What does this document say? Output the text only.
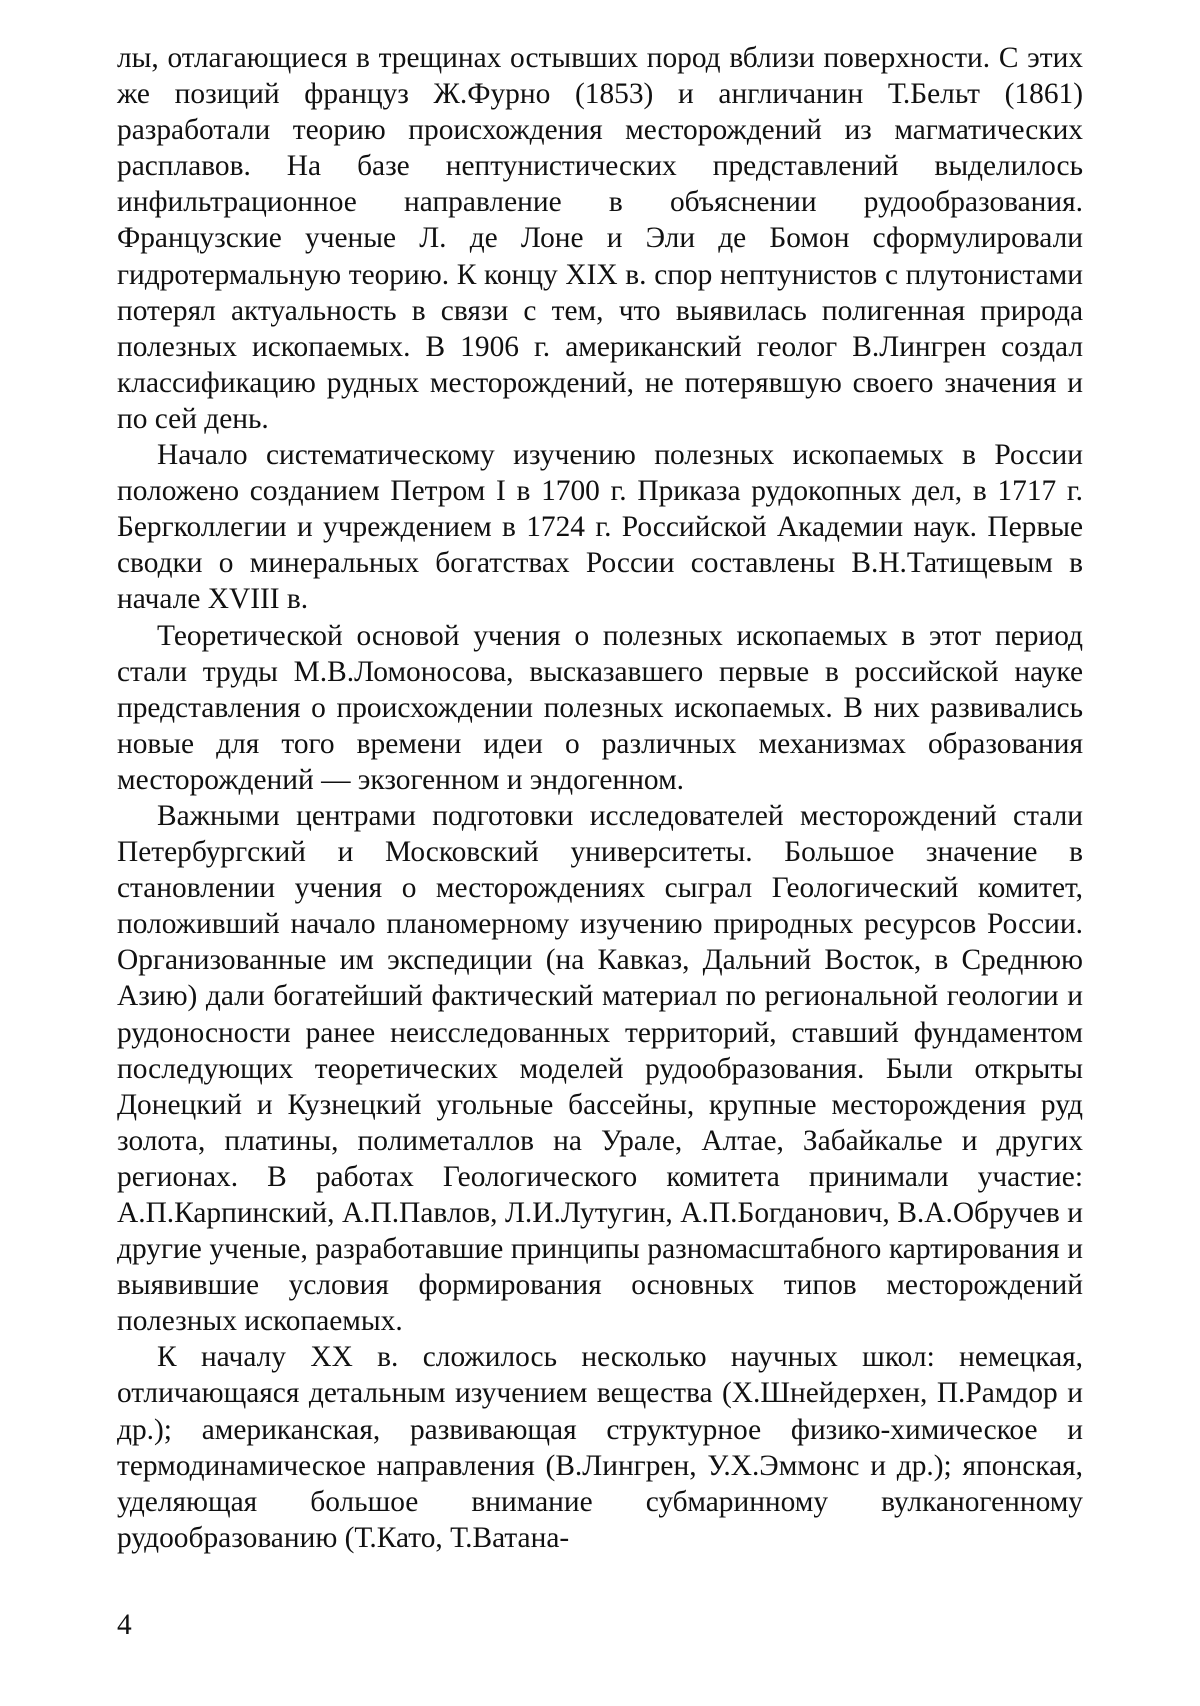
лы, отлагающиеся в трещинах остывших пород вблизи поверхности. С этих же позиций француз Ж.Фурно (1853) и англичанин Т.Бельт (1861) разработали теорию происхождения месторождений из магматических расплавов. На базе нептунистических представлений выделилось инфильтрационное направление в объяснении рудообразования. Французские ученые Л. де Лоне и Эли де Бомон сформулировали гидротермальную теорию. К концу XIX в. спор нептунистов с плутонистами потерял актуальность в связи с тем, что выявилась полигенная природа полезных ископаемых. В 1906 г. американский геолог В.Лингрен создал классификацию рудных месторождений, не потерявшую своего значения и по сей день.

Начало систематическому изучению полезных ископаемых в России положено созданием Петром I в 1700 г. Приказа рудокопных дел, в 1717 г. Бергколлегии и учреждением в 1724 г. Российской Академии наук. Первые сводки о минеральных богатствах России составлены В.Н.Татищевым в начале XVIII в.

Теоретической основой учения о полезных ископаемых в этот период стали труды М.В.Ломоносова, высказавшего первые в российской науке представления о происхождении полезных ископаемых. В них развивались новые для того времени идеи о различных механизмах образования месторождений — экзогенном и эндогенном.

Важными центрами подготовки исследователей месторождений стали Петербургский и Московский университеты. Большое значение в становлении учения о месторождениях сыграл Геологический комитет, положивший начало планомерному изучению природных ресурсов России. Организованные им экспедиции (на Кавказ, Дальний Восток, в Среднюю Азию) дали богатейший фактический материал по региональной геологии и рудоносности ранее неисследованных территорий, ставший фундаментом последующих теоретических моделей рудообразования. Были открыты Донецкий и Кузнецкий угольные бассейны, крупные месторождения руд золота, платины, полиметаллов на Урале, Алтае, Забайкалье и других регионах. В работах Геологического комитета принимали участие: А.П.Карпинский, А.П.Павлов, Л.И.Лутугин, А.П.Богданович, В.А.Обручев и другие ученые, разработавшие принципы разномасштабного картирования и выявившие условия формирования основных типов месторождений полезных ископаемых.

К началу XX в. сложилось несколько научных школ: немецкая, отличающаяся детальным изучением вещества (Х.Шнейдерхен, П.Рамдор и др.); американская, развивающая структурное физико-химическое и термодинамическое направления (В.Лингрен, У.Х.Эммонс и др.); японская, уделяющая большое внимание субмаринному вулканогенному рудообразованию (Т.Като, Т.Ватана-

4
